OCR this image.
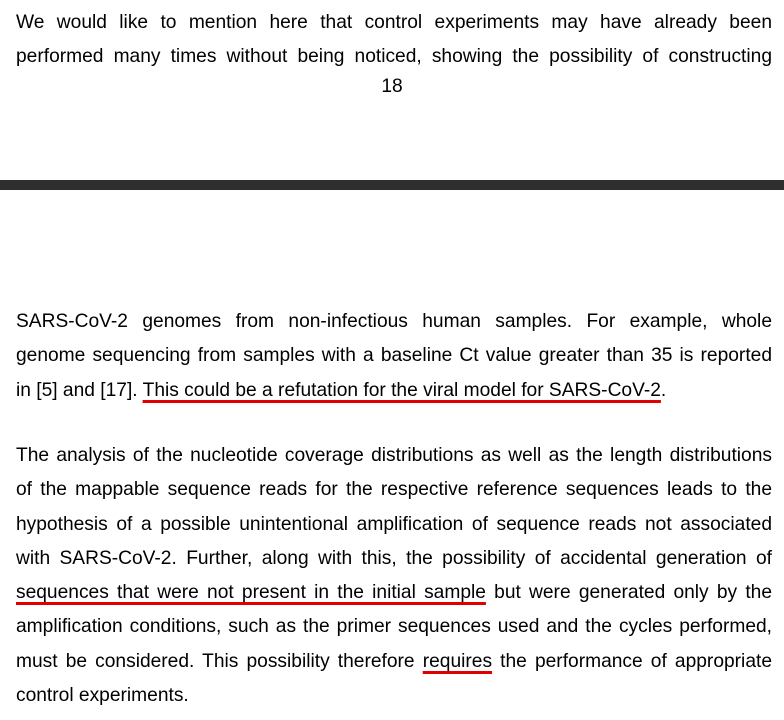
We would like to mention here that control experiments may have already been
performed many times without being noticed, showing the possibility of constructing
18
SARS-CoV-2 genomes from non-infectious human samples. For example, whole
genome sequencing from samples with a baseline Ct value greater than 35 is reported
in [5] and [17]. This could be a refutation for the viral model for SARS-CoV-2.
The analysis of the nucleotide coverage distributions as well as the length distributions
of the mappable sequence reads for the respective reference sequences leads to the
hypothesis of a possible unintentional amplification of sequence reads not associated
with SARS-CoV-2. Further, along with this, the possibility of accidental generation of
sequences that were not present in the initial sample but were generated only by the
amplification conditions, such as the primer sequences used and the cycles performed,
must be considered. This possibility therefore requires the performance of appropriate
control experiments.
